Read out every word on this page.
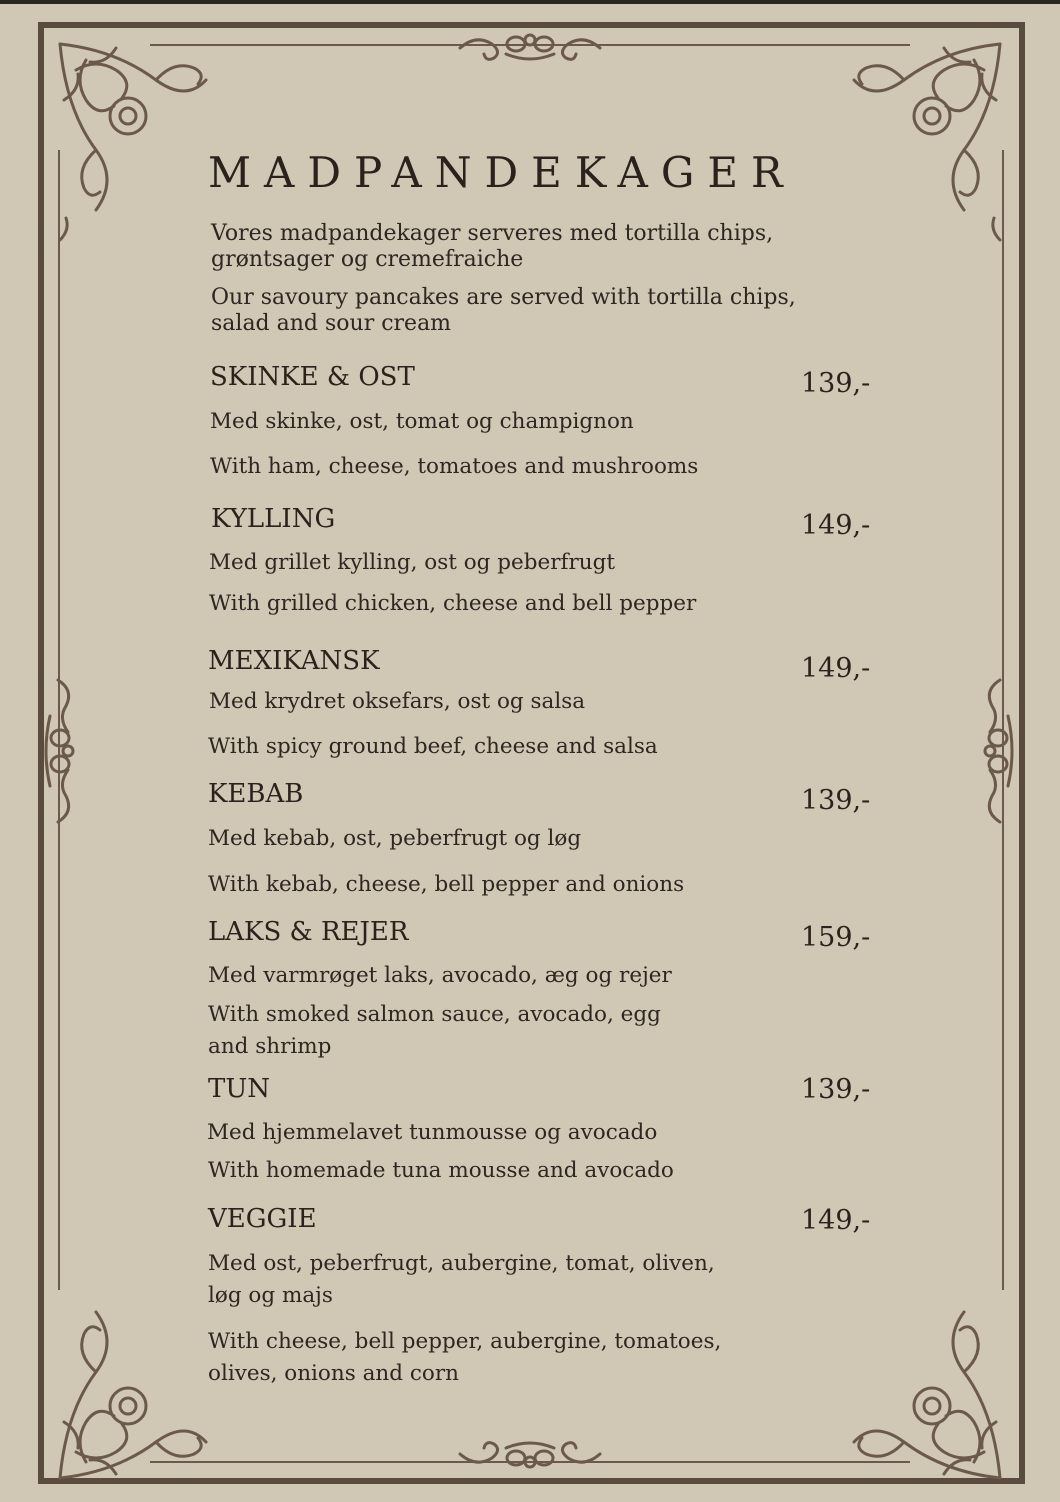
MADPANDEKAGER
Vores madpandekager serveres med tortilla chips, grøntsager og cremefraiche
Our savoury pancakes are served with tortilla chips, salad and sour cream
SKINKE & OST	139,-
Med skinke, ost, tomat og champignon
With ham, cheese, tomatoes and mushrooms
KYLLING	149,-
Med grillet kylling, ost og peberfrugt
With grilled chicken, cheese and bell pepper
MEXIKANSK	149,-
Med krydret oksefars, ost og salsa
With spicy ground beef, cheese and salsa
KEBAB	139,-
Med kebab, ost, peberfrugt og løg
With kebab, cheese, bell pepper and onions
LAKS & REJER	159,-
Med varmrøget laks, avocado, æg og rejer
With smoked salmon sauce, avocado, egg and shrimp
TUN	139,-
Med hjemmelavet tunmousse og avocado
With homemade tuna mousse and avocado
VEGGIE	149,-
Med ost, peberfrugt, aubergine, tomat, oliven, løg og majs
With cheese, bell pepper, aubergine, tomatoes, olives, onions and corn
